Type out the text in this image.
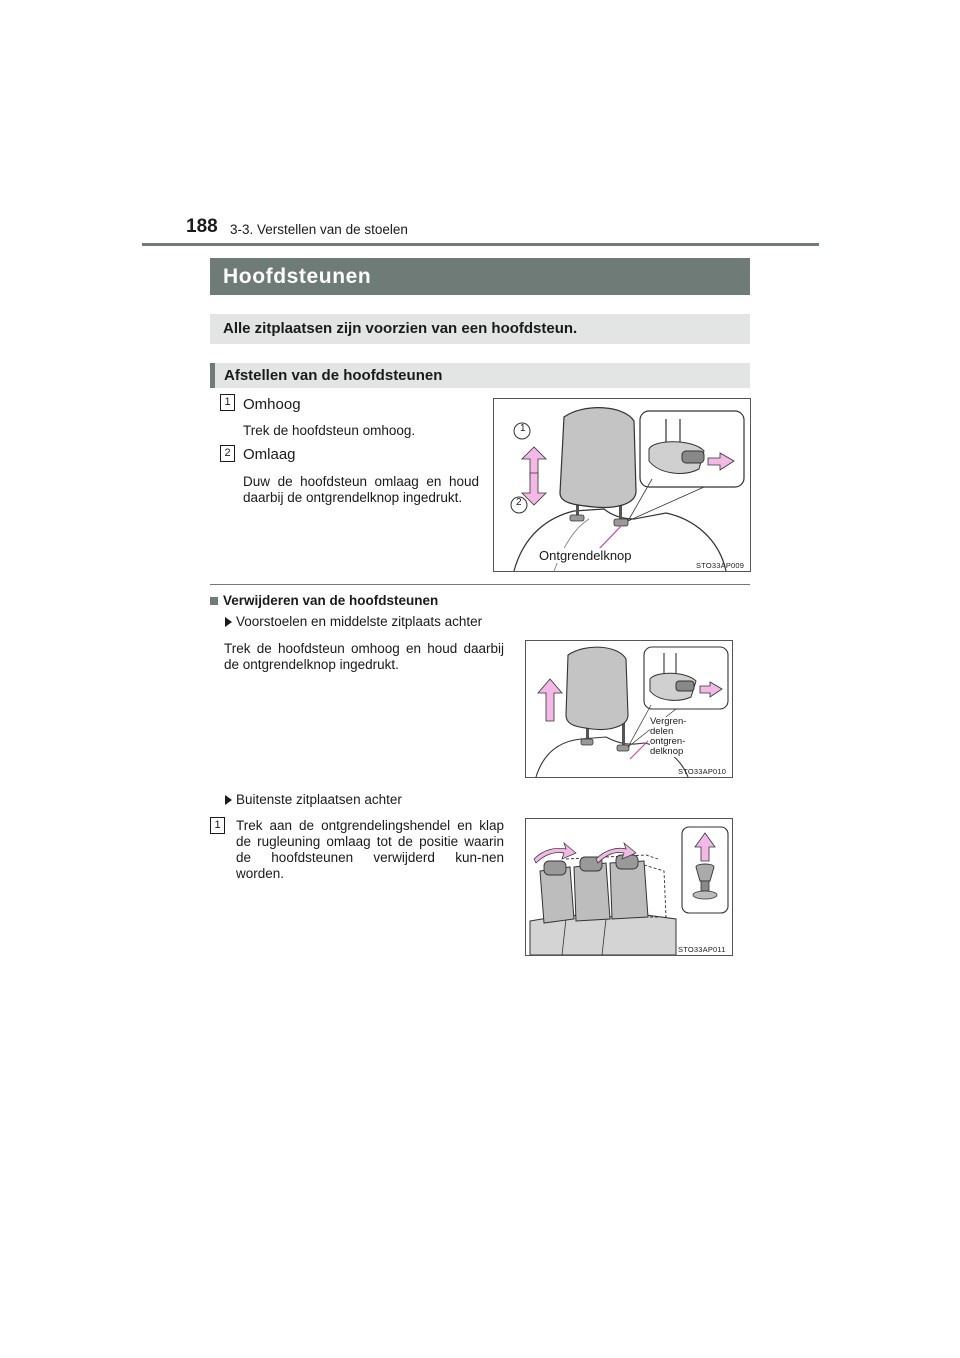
188 3-3. Verstellen van de stoelen
Hoofdsteunen
Alle zitplaatsen zijn voorzien van een hoofdsteun.
Afstellen van de hoofdsteunen
1 Omhoog
Trek de hoofdsteun omhoog.
2 Omlaag
Duw de hoofdsteun omlaag en houd daarbij de ontgrendelknop ingedrukt.
1
2
Ontgrendelknop
STO33AP009
Verwijderen van de hoofdsteunen
Voorstoelen en middelste zitplaats achter
Trek de hoofdsteun omhoog en houd daarbij de ontgrendelknop ingedrukt.
Vergren-
delen
ontgren-
delknop
STO33AP010
Buitenste zitplaatsen achter
1	Trek aan de ontgrendelingshendel en klap de rugleuning omlaag tot de positie waarin de hoofdsteunen verwijderd kun-nen worden.
STO33AP011
